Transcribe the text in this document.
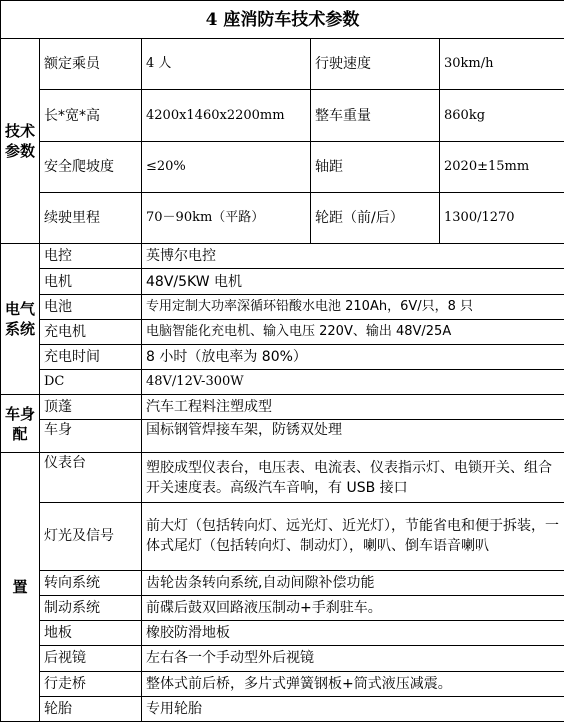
4 座消防车技术参数				
技术参数	额定乘员	4 人	行驶速度	30km/h
	长*宽*高	4200x1460x2200mm	整车重量	860kg
	安全爬坡度	≤20%	轴距	2020±15mm
	续驶里程	70－90km（平路）	轮距（前/后）	1300/1270
电气系统	电控	英博尔电控		
	电机	48V/5KW 电机		
	电池	专用定制大功率深循环铅酸水电池 210Ah，6V/只，8 只		
	充电机	电脑智能化充电机、输入电压 220V、输出 48V/25A		
	充电时间	8 小时（放电率为 80%）		
	DC	48V/12V-300W		
车身配	顶蓬	汽车工程料注塑成型		
	车身	国标钢管焊接车架，防锈双处理		
置	仪表台	塑胶成型仪表台，电压表、电流表、仪表指示灯、电锁开关、组合开关速度表。高级汽车音响，有 USB 接口		
	灯光及信号	前大灯（包括转向灯、远光灯、近光灯），节能省电和便于拆装，一体式尾灯（包括转向灯、制动灯），喇叭、倒车语音喇叭		
	转向系统	齿轮齿条转向系统,自动间隙补偿功能		
	制动系统	前碟后鼓双回路液压制动+手刹驻车。		
	地板	橡胶防滑地板		
	后视镜	左右各一个手动型外后视镜		
	行走桥	整体式前后桥，多片式弹簧钢板+筒式液压减震。		
	轮胎	专用轮胎		
